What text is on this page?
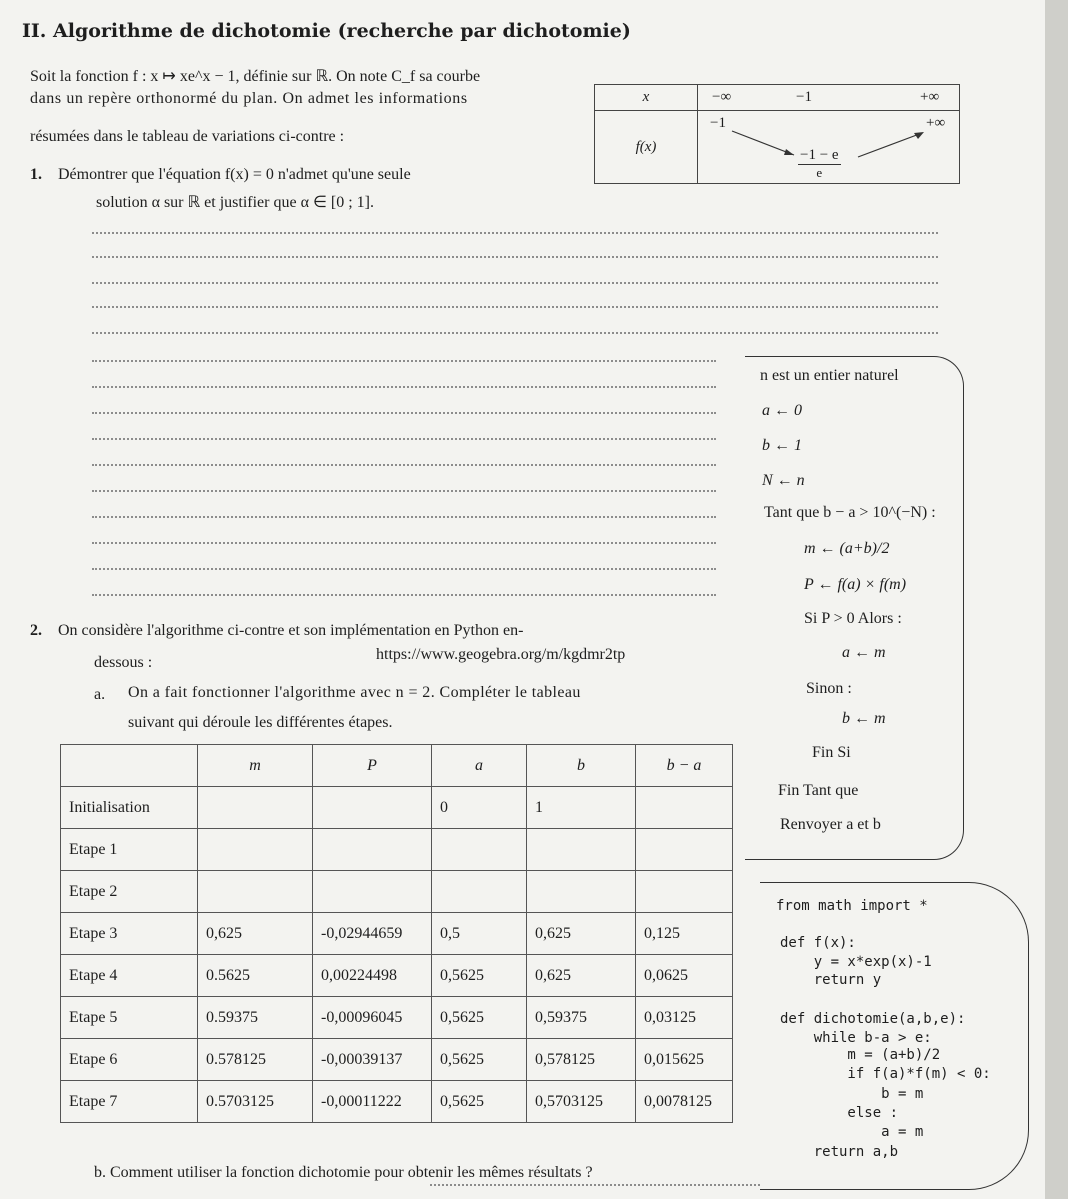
II. Algorithme de dichotomie (recherche par dichotomie)
Soit la fonction f : x ↦ xe^x − 1, définie sur ℝ. On note C_f sa courbe
dans un repère orthonormé du plan. On admet les informations
résumées dans le tableau de variations ci-contre :
x	−∞ −1 +∞

f(x)	−1 +∞
$\frac{-1 - e}{e}$
1. Démontrer que l'équation f(x) = 0 n'admet qu'une seule
solution α sur ℝ et justifier que α ∈ [0 ; 1].
n est un entier naturel
a ← 0
b ← 1
N ← n
Tant que b − a > 10^(−N) :
m ← (a+b)/2
P ← f(a) × f(m)
Si P > 0 Alors :
a ← m
Sinon :
b ← m
Fin Si
Fin Tant que
Renvoyer a et b
2. On considère l'algorithme ci-contre et son implémentation en Python en-
dessous :	https://www.geogebra.org/m/kgdmr2tp
a. On a fait fonctionner l'algorithme avec n = 2. Compléter le tableau
suivant qui déroule les différentes étapes.
	m	P	a	b	b − a
Initialisation			0	1	
Etape 1					
Etape 2					
Etape 3	0,625	-0,02944659	0,5	0,625	0,125
Etape 4	0.5625	0,00224498	0,5625	0,625	0,0625
Etape 5	0.59375	-0,00096045	0,5625	0,59375	0,03125
Etape 6	0.578125	-0,00039137	0,5625	0,578125	0,015625
Etape 7	0.5703125	-0,00011222	0,5625	0,5703125	0,0078125
from math import *
def f(x):
y = x*exp(x)-1
return y
def dichotomie(a,b,e):
while b-a > e:
m = (a+b)/2
if f(a)*f(m) < 0:
b = m
else :
a = m
return a,b
b. Comment utiliser la fonction dichotomie pour obtenir les mêmes résultats ?
